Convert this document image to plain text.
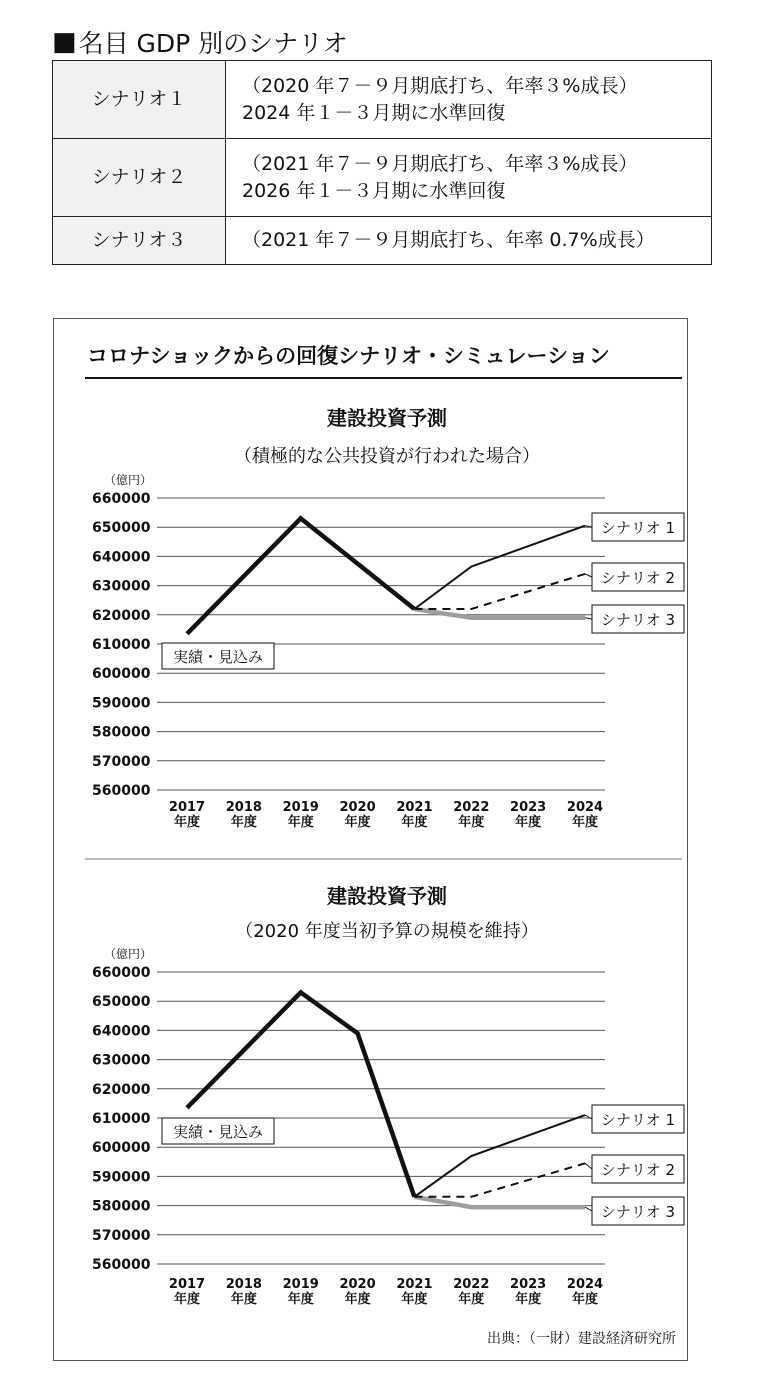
■ 名目 GDP 別のシナリオ
シナリオ１	（2020 年７－９月期底打ち、年率３%成長）
2024 年１－３月期に水準回復

シナリオ２	（2021 年７－９月期底打ち、年率３%成長）
2026 年１－３月期に水準回復

シナリオ３	（2021 年７－９月期底打ち、年率 0.7%成長）
コロナショックからの回復シナリオ・シミュレーション
建設投資予測
（積極的な公共投資が行われた場合）
（億円）
560000
570000
580000
590000
600000
610000
620000
630000
640000
650000
660000
2017 年度
2018 年度
2019 年度
2020 年度
2021 年度
2022 年度
2023 年度
2024 年度
シナリオ 1
シナリオ 2
シナリオ 3
実績・見込み
建設投資予測
（2020 年度当初予算の規模を維持）
（億円）
560000
570000
580000
590000
600000
610000
620000
630000
640000
650000
660000
2017 年度
2018 年度
2019 年度
2020 年度
2021 年度
2022 年度
2023 年度
2024 年度
シナリオ 1
シナリオ 2
シナリオ 3
実績・見込み
出典：（一財）建設経済研究所
